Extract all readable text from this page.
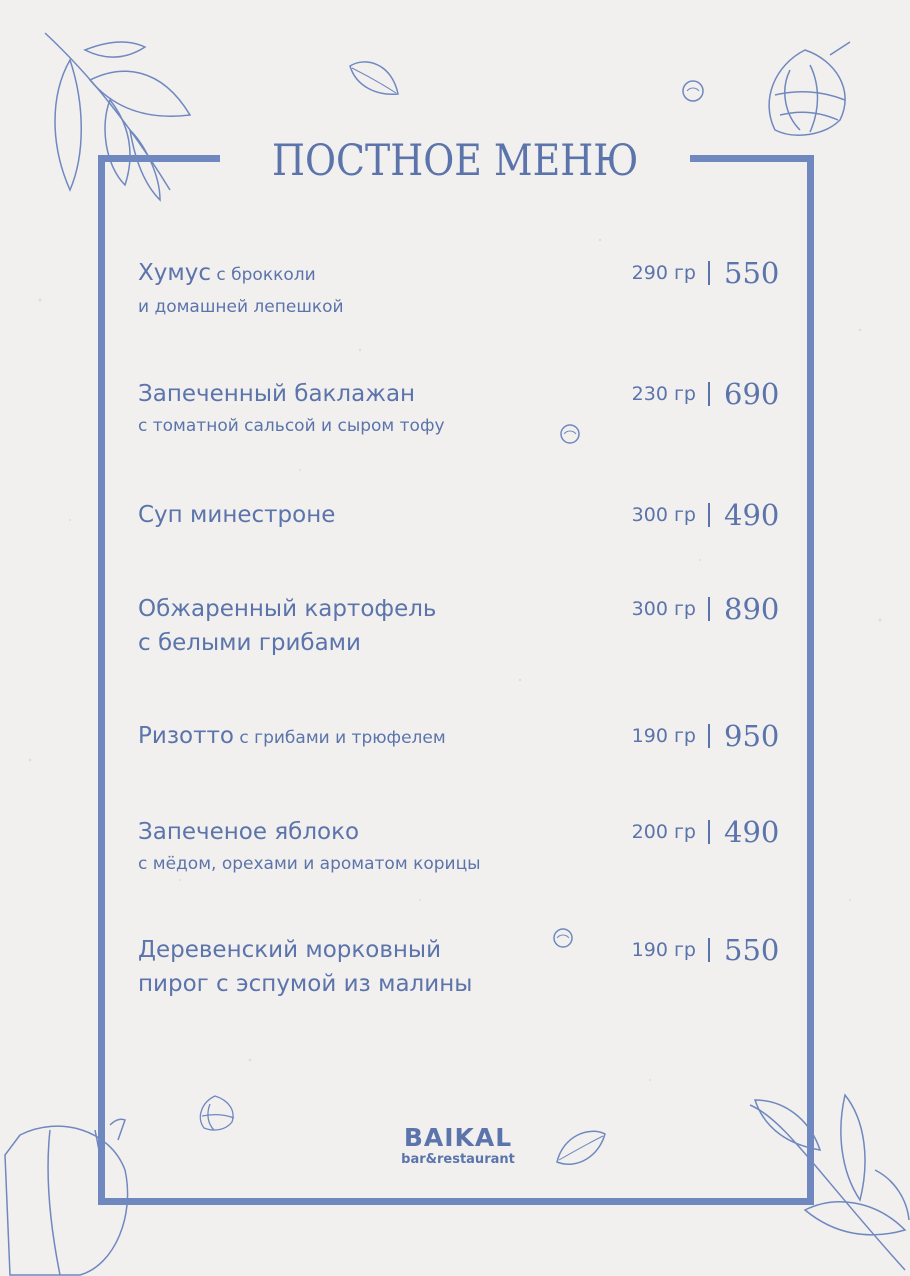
ПОСТНОЕ МЕНЮ
Хумус с брокколи
и домашней лепешкой
290 гр 550
Запеченный баклажан
с томатной сальсой и сыром тофу
230 гр 690
Суп минестроне	300 гр 490
Обжаренный картофель
с белыми грибами
300 гр 890
Ризотто с грибами и трюфелем	190 гр 950
Запеченое яблоко
с мёдом, орехами и ароматом корицы
200 гр 490
Деревенский морковный
пирог с эспумой из малины
190 гр 550
BAIKAL
bar&restaurant
